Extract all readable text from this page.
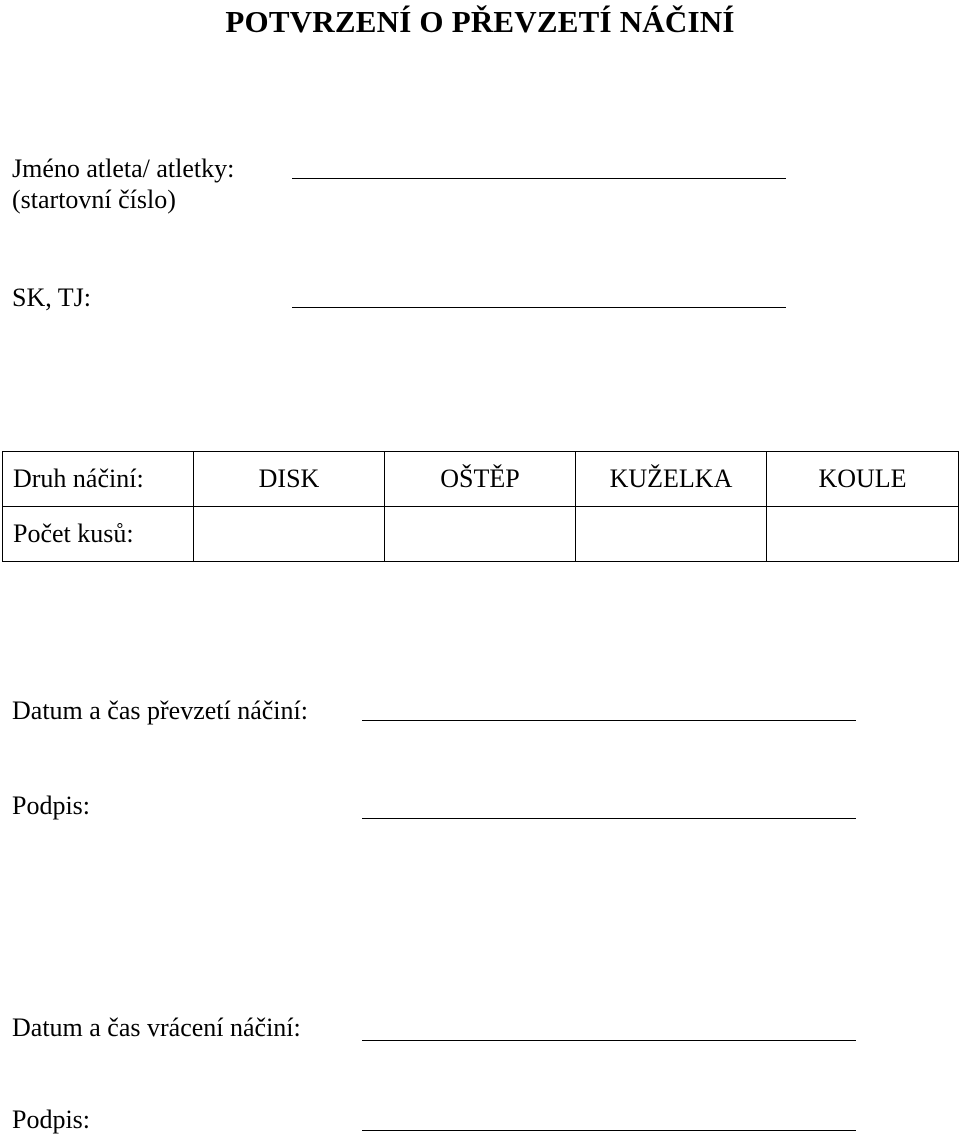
POTVRZENÍ O PŘEVZETÍ NÁČINÍ
Jméno atleta/ atletky:
(startovní číslo)
SK, TJ:
Druh náčiní:	DISK	OŠTĚP	KUŽELKA	KOULE
Počet kusů:				
Datum a čas převzetí náčiní:
Podpis:
Datum a čas vrácení náčiní:
Podpis:
